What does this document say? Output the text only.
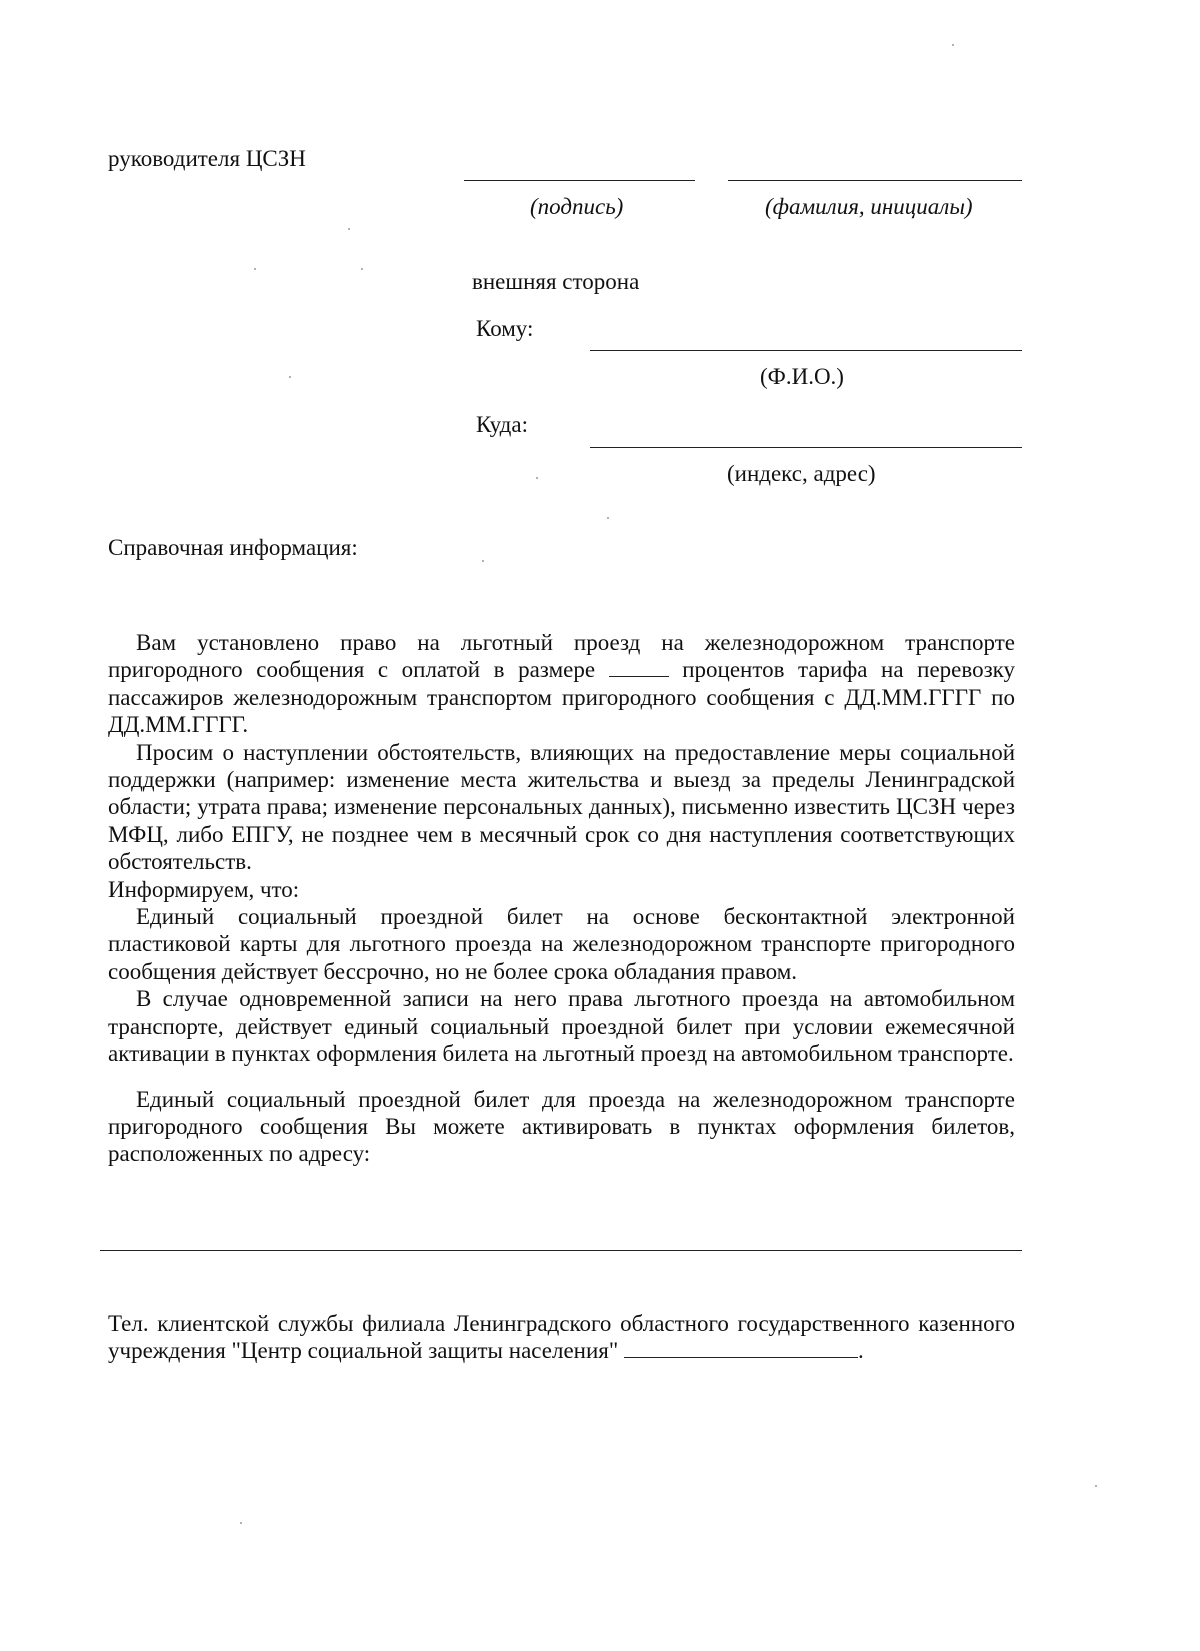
руководителя ЦСЗН
(подпись)	(фамилия, инициалы)
внешняя сторона
Кому:
(Ф.И.О.)
Куда:
(индекс, адрес)
Справочная информация:

Вам установлено право на льготный проезд на железнодорожном транспорте пригородного сообщения с оплатой в размере	процентов тарифа на перевозку пассажиров железнодорожным транспортом пригородного сообщения с ДД.ММ.ГГГГ по ДД.ММ.ГГГГ.

Просим о наступлении обстоятельств, влияющих на предоставление меры социальной поддержки (например: изменение места жительства и выезд за пределы Ленинградской области; утрата права; изменение персональных данных), письменно известить ЦСЗН через МФЦ, либо ЕПГУ, не позднее чем в месячный срок со дня наступления соответствующих обстоятельств.

Информируем, что:

Единый социальный проездной билет на основе бесконтактной электронной пластиковой карты для льготного проезда на железнодорожном транспорте пригородного сообщения действует бессрочно, но не более срока обладания правом.

В случае одновременной записи на него права льготного проезда на автомобильном транспорте, действует единый социальный проездной билет при условии ежемесячной активации в пунктах оформления билета на льготный проезд на автомобильном транспорте.

Единый социальный проездной билет для проезда на железнодорожном транспорте пригородного сообщения Вы можете активировать в пунктах оформления билетов, расположенных по адресу:

Тел. клиентской службы филиала Ленинградского областного государственного казенного учреждения "Центр социальной защиты населения"	.
